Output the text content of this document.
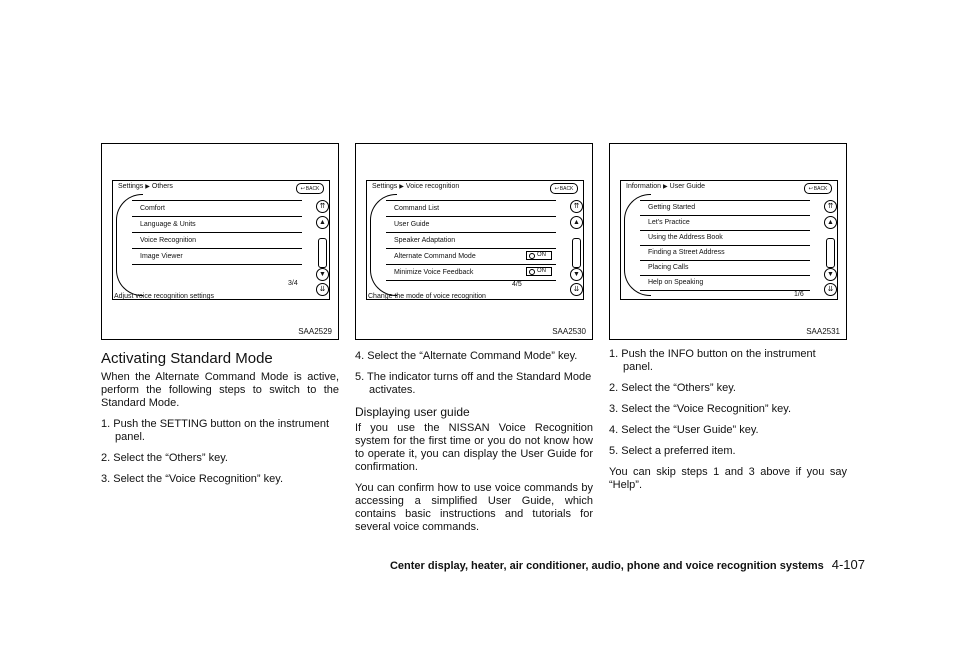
Settings ▶ Others	↩ BACK
Comfort
Language & Units
Voice Recognition
Image Viewer
3/4
⇈
▲
▼
⇊
Adjust voice recognition settings
SAA2529
Activating Standard Mode

When the Alternate Command Mode is active, perform the following steps to switch to the Standard Mode.

1. Push the SETTING button on the instrument panel.
2. Select the “Others” key.
3. Select the “Voice Recognition” key.
Settings ▶ Voice recognition	↩ BACK
Command List
User Guide
Speaker Adaptation
Alternate Command Mode	ON
Minimize Voice Feedback	ON
4/5
⇈
▲
▼
⇊
Change the mode of voice recognition
SAA2530
4. Select the “Alternate Command Mode” key.
5. The indicator turns off and the Standard Mode activates.
Displaying user guide

If you use the NISSAN Voice Recognition system for the first time or you do not know how to operate it, you can display the User Guide for confirmation.

You can confirm how to use voice commands by accessing a simplified User Guide, which contains basic instructions and tutorials for several voice commands.

Information ▶ User Guide	↩ BACK
Getting Started
Let's Practice
Using the Address Book
Finding a Street Address
Placing Calls
Help on Speaking
1/6
⇈
▲
▼
⇊
SAA2531
1. Push the INFO button on the instrument panel.
2. Select the “Others” key.
3. Select the “Voice Recognition” key.
4. Select the “User Guide” key.
5. Select a preferred item.

You can skip steps 1 and 3 above if you say “Help”.

Center display, heater, air conditioner, audio, phone and voice recognition systems 4-107
